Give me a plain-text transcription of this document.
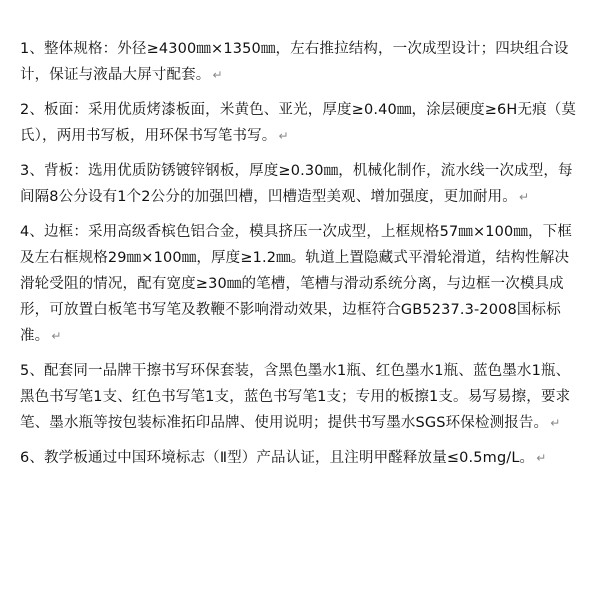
1、整体规格：外径≥4300㎜×1350㎜，左右推拉结构，一次成型设计；四块组合设计，保证与液晶大屏寸配套。 ↵

2、板面：采用优质烤漆板面，米黄色、亚光，厚度≥0.40㎜，涂层硬度≥6H无痕（莫氏），两用书写板，用环保书写笔书写。 ↵

3、背板：选用优质防锈镀锌钢板，厚度≥0.30㎜，机械化制作，流水线一次成型，每间隔8公分设有1个2公分的加强凹槽，凹槽造型美观、增加强度，更加耐用。 ↵

4、边框：采用高级香槟色铝合金，模具挤压一次成型，上框规格57㎜×100㎜，下框及左右框规格29㎜×100㎜，厚度≥1.2㎜。轨道上置隐藏式平滑轮滑道，结构性解决滑轮受阻的情况，配有宽度≥30㎜的笔槽，笔槽与滑动系统分离，与边框一次模具成形，可放置白板笔书写笔及教鞭不影响滑动效果，边框符合GB5237.3-2008国标标准。 ↵

5、配套同一品牌干擦书写环保套装，含黑色墨水1瓶、红色墨水1瓶、蓝色墨水1瓶、黑色书写笔1支、红色书写笔1支，蓝色书写笔1支；专用的板擦1支。易写易擦，要求笔、墨水瓶等按包装标准拓印品牌、使用说明；提供书写墨水SGS环保检测报告。 ↵

6、教学板通过中国环境标志（Ⅱ型）产品认证，且注明甲醛释放量≤0.5mg/L。 ↵
